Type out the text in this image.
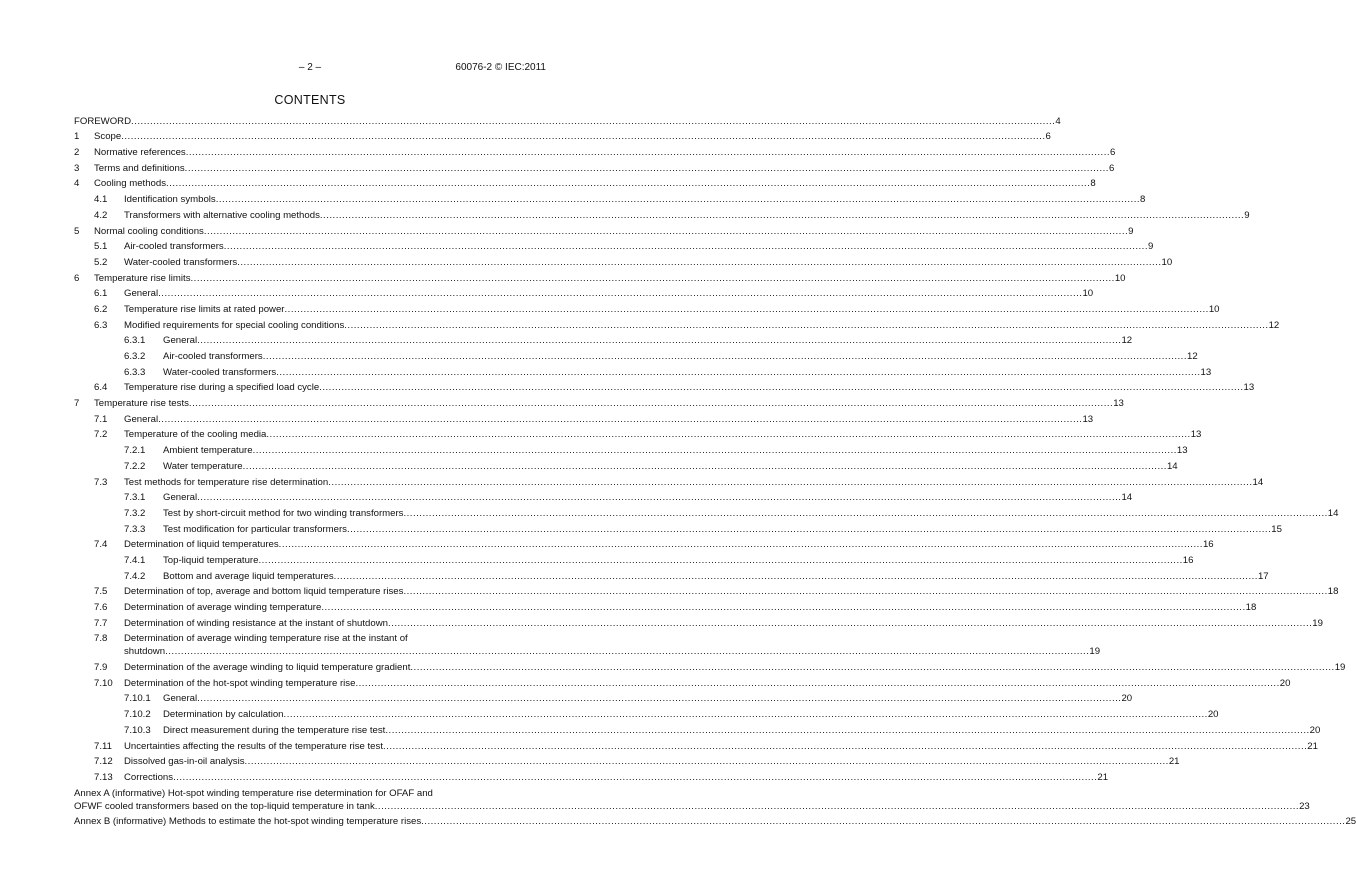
– 2 –	60076-2 © IEC:2011
CONTENTS
FOREWORD .....	4
1	Scope .....	6
2	Normative references .....	6
3	Terms and definitions .....	6
4	Cooling methods .....	8
4.1	Identification symbols .....	8
4.2	Transformers with alternative cooling methods .....	9
5	Normal cooling conditions .....	9
5.1	Air-cooled transformers .....	9
5.2	Water-cooled transformers .....	10
6	Temperature rise limits .....	10
6.1	General .....	10
6.2	Temperature rise limits at rated power .....	10
6.3	Modified requirements for special cooling conditions .....	12
6.3.1	General .....	12
6.3.2	Air-cooled transformers .....	12
6.3.3	Water-cooled transformers .....	13
6.4	Temperature rise during a specified load cycle .....	13
7	Temperature rise tests .....	13
7.1	General .....	13
7.2	Temperature of the cooling media .....	13
7.2.1	Ambient temperature .....	13
7.2.2	Water temperature .....	14
7.3	Test methods for temperature rise determination .....	14
7.3.1	General .....	14
7.3.2	Test by short-circuit method for two winding transformers .....	14
7.3.3	Test modification for particular transformers .....	15
7.4	Determination of liquid temperatures .....	16
7.4.1	Top-liquid temperature .....	16
7.4.2	Bottom and average liquid temperatures .....	17
7.5	Determination of top, average and bottom liquid temperature rises .....	18
7.6	Determination of average winding temperature .....	18
7.7	Determination of winding resistance at the instant of shutdown .....	19
7.8	Determination of average winding temperature rise at the instant of
shutdown .....	19
7.9	Determination of the average winding to liquid temperature gradient .....	19
7.10	Determination of the hot-spot winding temperature rise .....	20
7.10.1	General .....	20
7.10.2	Determination by calculation .....	20
7.10.3	Direct measurement during the temperature rise test .....	20
7.11	Uncertainties affecting the results of the temperature rise test .....	21
7.12	Dissolved gas-in-oil analysis .....	21
7.13	Corrections .....	21
Annex A (informative) Hot-spot winding temperature rise determination for OFAF and
OFWF cooled transformers based on the top-liquid temperature in tank .....	23
Annex B (informative) Methods to estimate the hot-spot winding temperature rises .....	25
